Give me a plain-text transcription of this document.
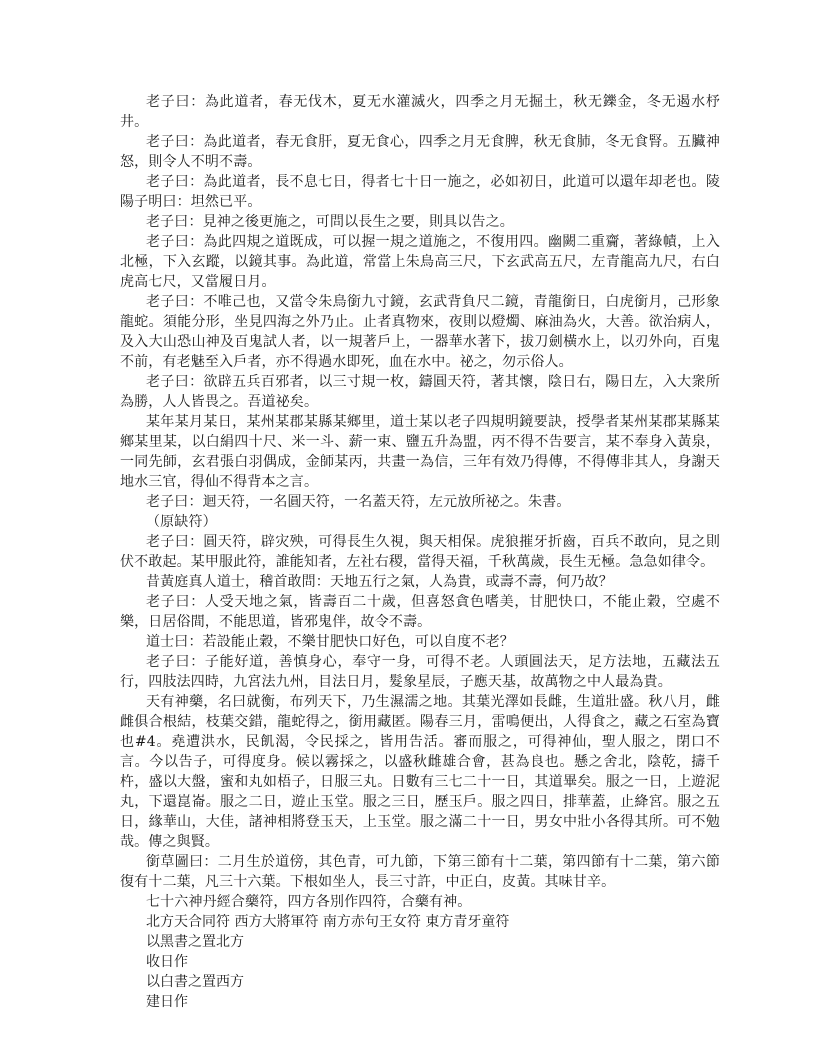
老子曰：為此道者，春无伐木，夏无水灌滅火，四季之月无掘土，秋无鑠金，冬无遏水杼井。

老子曰：為此道者，春无食肝，夏无食心，四季之月无食脾，秋无食肺，冬无食腎。五臟神怒，則令人不明不壽。

老子曰：為此道者，長不息七日，得者七十日一施之，必如初日，此道可以還年却老也。陵陽子明曰：坦然已平。

老子曰：見神之後更施之，可問以長生之要，則具以告之。

老子曰：為此四規之道既成，可以握一規之道施之，不復用四。幽闕二重齎，著綠幘，上入北極，下入玄蹤，以鏡其事。為此道，常當上朱鳥高三尺，下玄武高五尺，左青龍高九尺，右白虎高七尺，又當履日月。

老子曰：不唯己也，又當令朱鳥銜九寸鏡，玄武背負尺二鏡，青龍銜日，白虎銜月，己形象龍蛇。須能分形，坐見四海之外乃止。止者真物來，夜則以燈燭、麻油為火，大善。欲治病人，及入大山恐山神及百鬼試人者，以一規著戶上，一器華水著下，拔刀劍橫水上，以刃外向，百鬼不前，有老魅至入戶者，亦不得過水即死，血在水中。祕之，勿示俗人。

老子曰：欲辟五兵百邪者，以三寸規一枚，鑄圓天符，著其懷，陰日右，陽日左，入大衆所為勝，人人皆畏之。吾道祕矣。

某年某月某日，某州某郡某縣某鄉里，道士某以老子四規明鏡要訣，授學者某州某郡某縣某鄉某里某，以白絹四十尺、米一斗、薪一束、鹽五升為盟，丙不得不告要言，某不奉身入黃泉，一同先師，玄君張白羽偶成，金師某丙，共畫一為信，三年有效乃得傳，不得傳非其人，身謝天地水三官，得仙不得背本之言。

老子曰：迴天符，一名圓天符，一名蓋天符，左元放所祕之。朱書。

（原缺符）

老子曰：圓天符，辟灾殃，可得長生久視，與天相保。虎狼摧牙折齒，百兵不敢向，見之則伏不敢起。某甲服此符，誰能知者，左社右稷，當得天福，千秋萬歲，長生无極。急急如律令。

昔黃庭真人道士，稽首敢問：天地五行之氣，人為貴，或壽不壽，何乃故？

老子曰：人受天地之氣，皆壽百二十歲，但喜怒貪色嗜美，甘肥快口，不能止穀，空處不樂，日居俗間，不能思道，皆邪鬼伴，故令不壽。

道士曰：若設能止穀，不樂甘肥快口好色，可以自度不老？

老子曰：子能好道，善慎身心，奉守一身，可得不老。人頭圓法天，足方法地，五藏法五行，四肢法四時，九宮法九州，目法日月，髮象星辰，子應天基，故萬物之中人最為貴。

天有神藥，名曰就衡，布列天下，乃生濕濡之地。其葉光澤如長雌，生道壯盛。秋八月，雌雌俱合根結，枝葉交錯，龍蛇得之，銜用藏匿。陽春三月，雷鳴便出，人得食之，藏之石室為寶也#4。堯遭洪水，民飢渴，令民採之，皆用告活。審而服之，可得神仙，聖人服之，閉口不言。今以告子，可得度身。候以霧採之，以盛秋雌雄合會，甚為良也。懸之舍北，陰乾，擣千杵，盛以大盤，蜜和丸如梧子，日服三丸。日數有三七二十一日，其道畢矣。服之一日，上遊泥丸，下還崑崙。服之二日，遊止玉堂。服之三日，歷玉戶。服之四日，排華蓋，止絳宮。服之五日，緣華山，大佳，諸神相將登玉天，上玉堂。服之滿二十一日，男女中壯小各得其所。可不勉哉。傳之與賢。

銜草圖曰：二月生於道傍，其色青，可九節，下第三節有十二葉，第四節有十二葉，第六節復有十二葉，凡三十六葉。下根如坐人，長三寸許，中正白，皮黃。其味甘辛。

七十六神丹經合藥符，四方各別作四符，合藥有神。

北方天合同符 西方大將軍符 南方赤句王女符 東方青牙童符

以黑書之置北方

收日作

以白書之置西方

建日作
